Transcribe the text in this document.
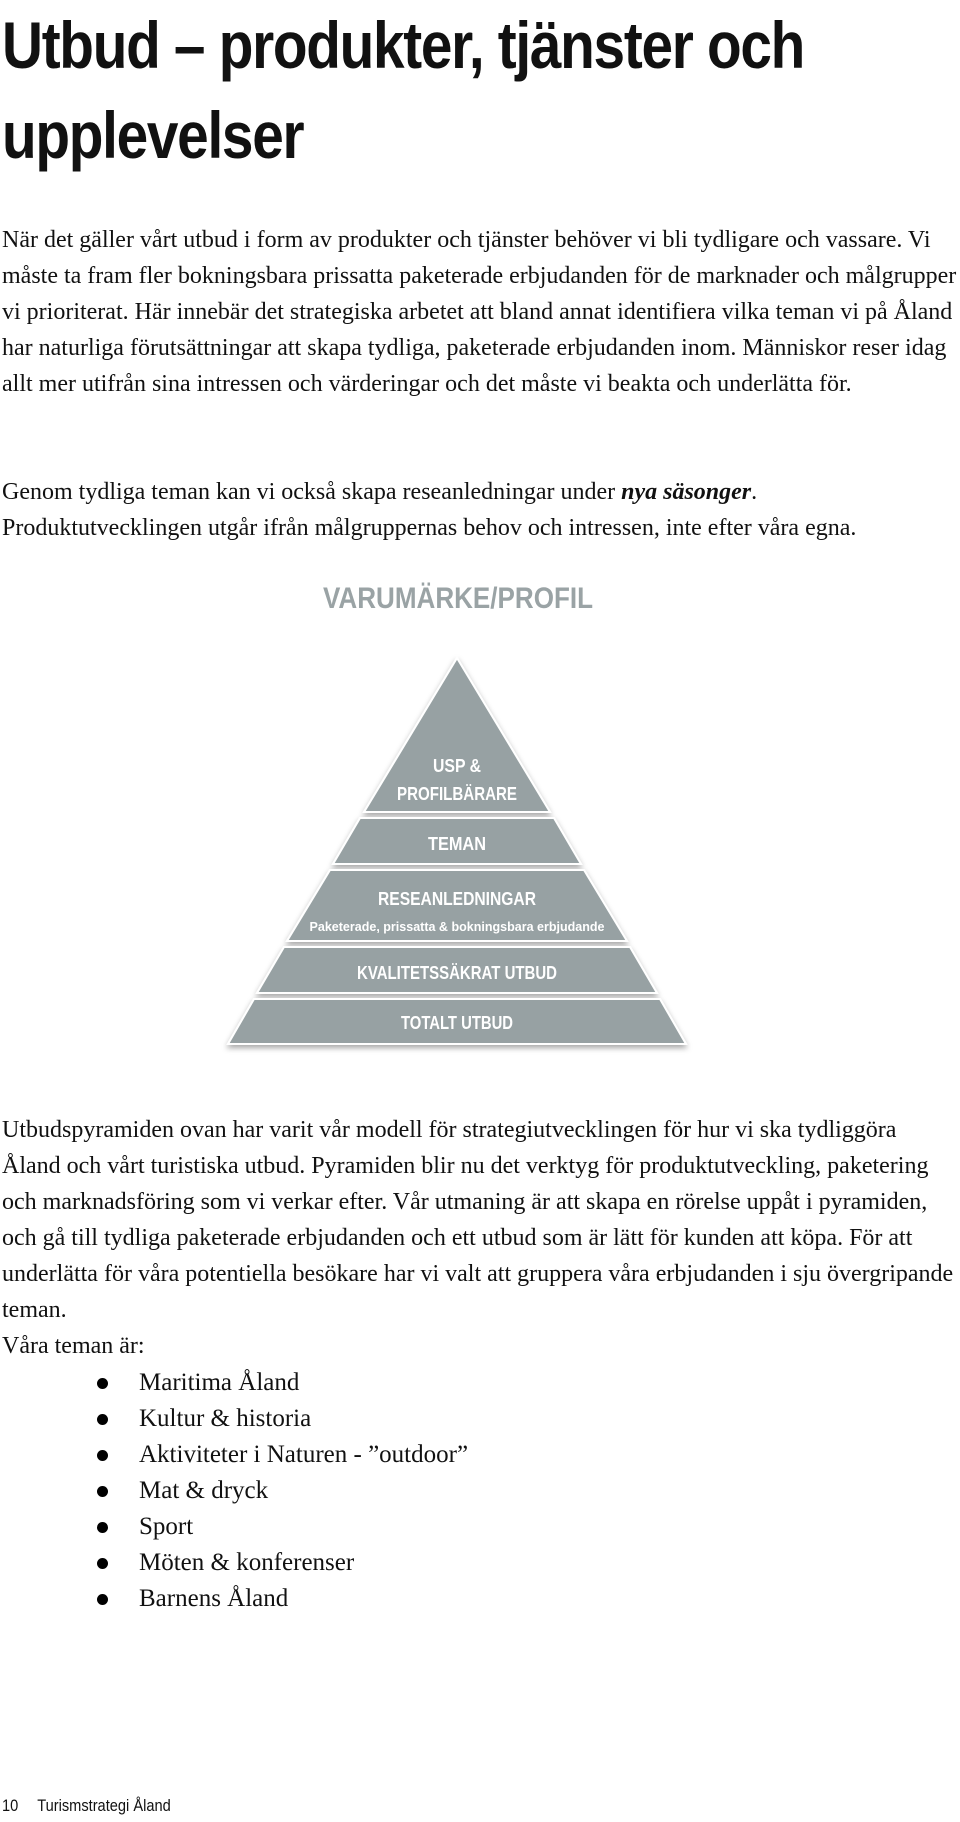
Utbud – produkter, tjänster och upplevelser

När det gäller vårt utbud i form av produkter och tjänster behöver vi bli tydligare och vassare. Vi måste ta fram fler bokningsbara prissatta paketerade erbjudanden för de marknader och målgrupper vi prioriterat. Här innebär det strategiska arbetet att bland annat identifiera vilka teman vi på Åland har naturliga förutsättningar att skapa tydliga, paketerade erbjudanden inom. Människor reser idag allt mer utifrån sina intressen och värderingar och det måste vi beakta och underlätta för.

Genom tydliga teman kan vi också skapa reseanledningar under nya säsonger. Produktutvecklingen utgår ifrån målgruppernas behov och intressen, inte efter våra egna.

VARUMÄRKE/PROFIL
USP &
PROFILBÄRARE
TEMAN
RESEANLEDNINGAR
Paketerade, prissatta & bokningsbara erbjudande
KVALITETSSÄKRAT UTBUD
TOTALT UTBUD

Utbudspyramiden ovan har varit vår modell för strategiutvecklingen för hur vi ska tydliggöra Åland och vårt turistiska utbud. Pyramiden blir nu det verktyg för produktutveckling, paketering och marknadsföring som vi verkar efter. Vår utmaning är att skapa en rörelse uppåt i pyramiden, och gå till tydliga paketerade erbjudanden och ett utbud som är lätt för kunden att köpa. För att underlätta för våra potentiella besökare har vi valt att gruppera våra erbjudanden i sju övergripande teman.

Våra teman är:

Maritima Åland
Kultur & historia
Aktiviteter i Naturen - ”outdoor”
Mat & dryck
Sport
Möten & konferenser
Barnens Åland
10 Turismstrategi Åland
